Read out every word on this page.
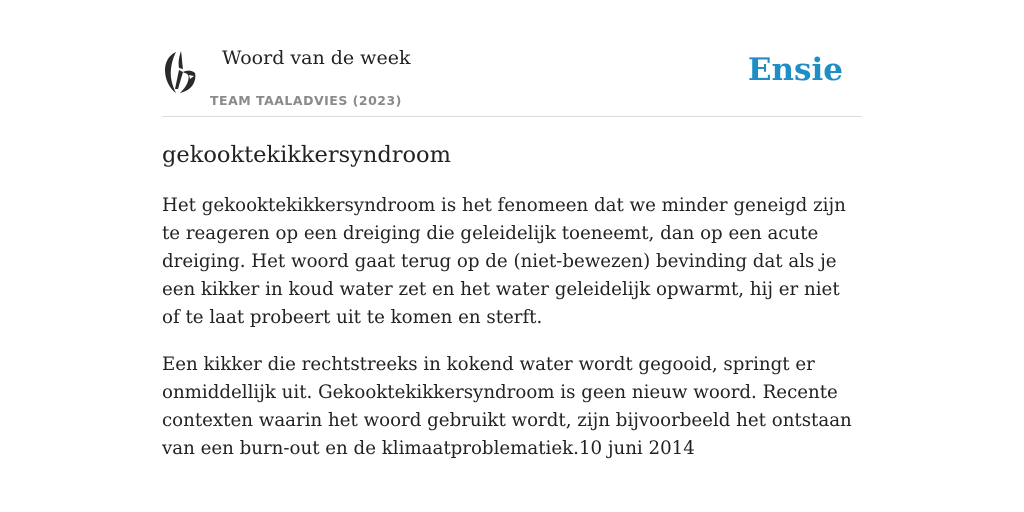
Woord van de week

TEAM TAALADVIES (2023)

Ensie
gekooktekikkersyndroom

Het gekooktekikkersyndroom is het fenomeen dat we minder geneigd zijn te reageren op een dreiging die geleidelijk toeneemt, dan op een acute dreiging. Het woord gaat terug op de (niet-bewezen) bevinding dat als je een kikker in koud water zet en het water geleidelijk opwarmt, hij er niet of te laat probeert uit te komen en sterft.

Een kikker die rechtstreeks in kokend water wordt gegooid, springt er onmiddellijk uit. Gekooktekikkersyndroom is geen nieuw woord. Recente contexten waarin het woord gebruikt wordt, zijn bijvoorbeeld het ontstaan van een burn-out en de klimaatproblematiek.10 juni 2014
